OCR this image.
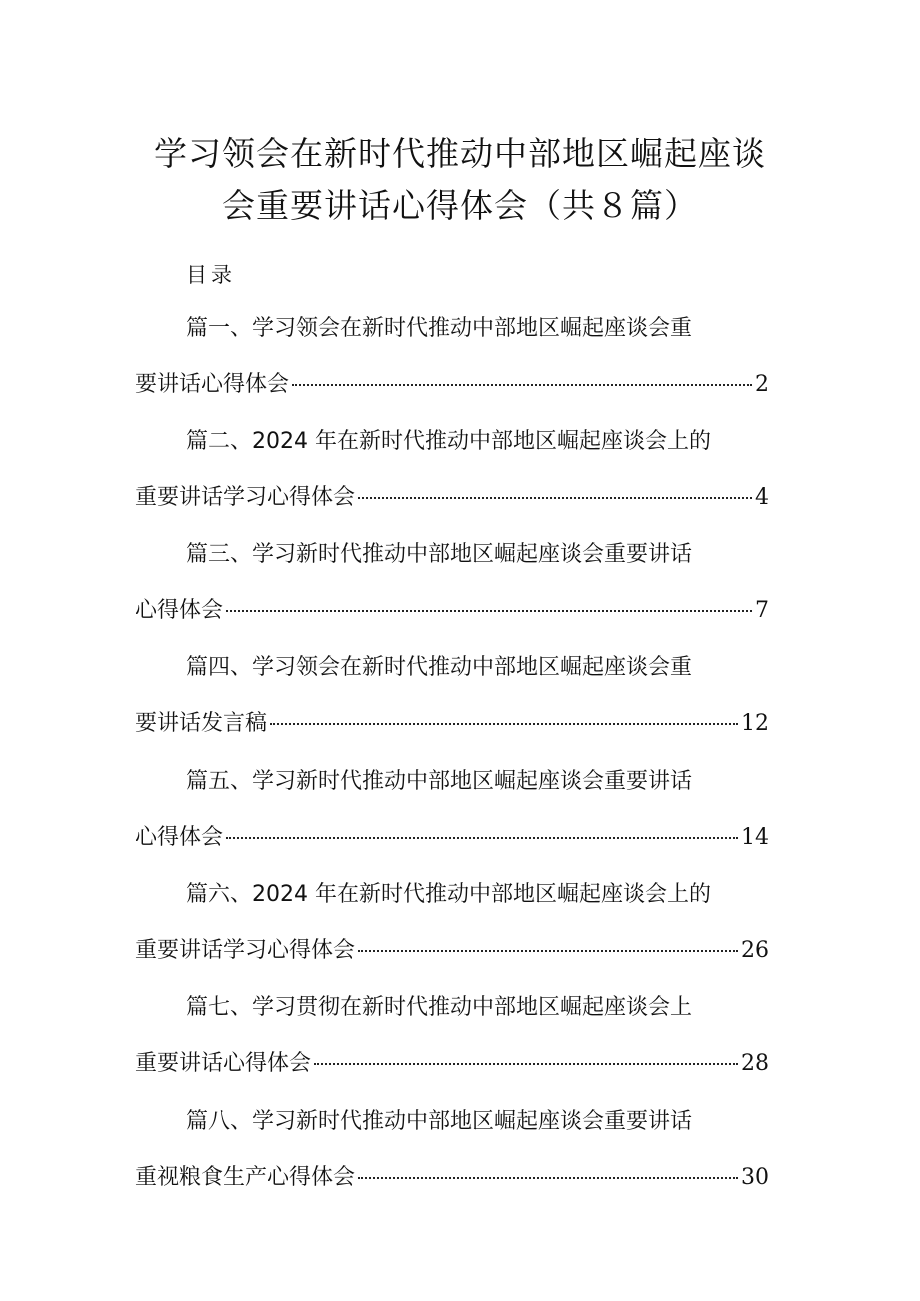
学习领会在新时代推动中部地区崛起座谈
会重要讲话心得体会（共８篇）
目录
篇一、学习领会在新时代推动中部地区崛起座谈会重
要讲话心得体会	2
篇二、2024 年在新时代推动中部地区崛起座谈会上的
重要讲话学习心得体会	4
篇三、学习新时代推动中部地区崛起座谈会重要讲话
心得体会	7
篇四、学习领会在新时代推动中部地区崛起座谈会重
要讲话发言稿	12
篇五、学习新时代推动中部地区崛起座谈会重要讲话
心得体会	14
篇六、2024 年在新时代推动中部地区崛起座谈会上的
重要讲话学习心得体会	26
篇七、学习贯彻在新时代推动中部地区崛起座谈会上
重要讲话心得体会	28
篇八、学习新时代推动中部地区崛起座谈会重要讲话
重视粮食生产心得体会	30
